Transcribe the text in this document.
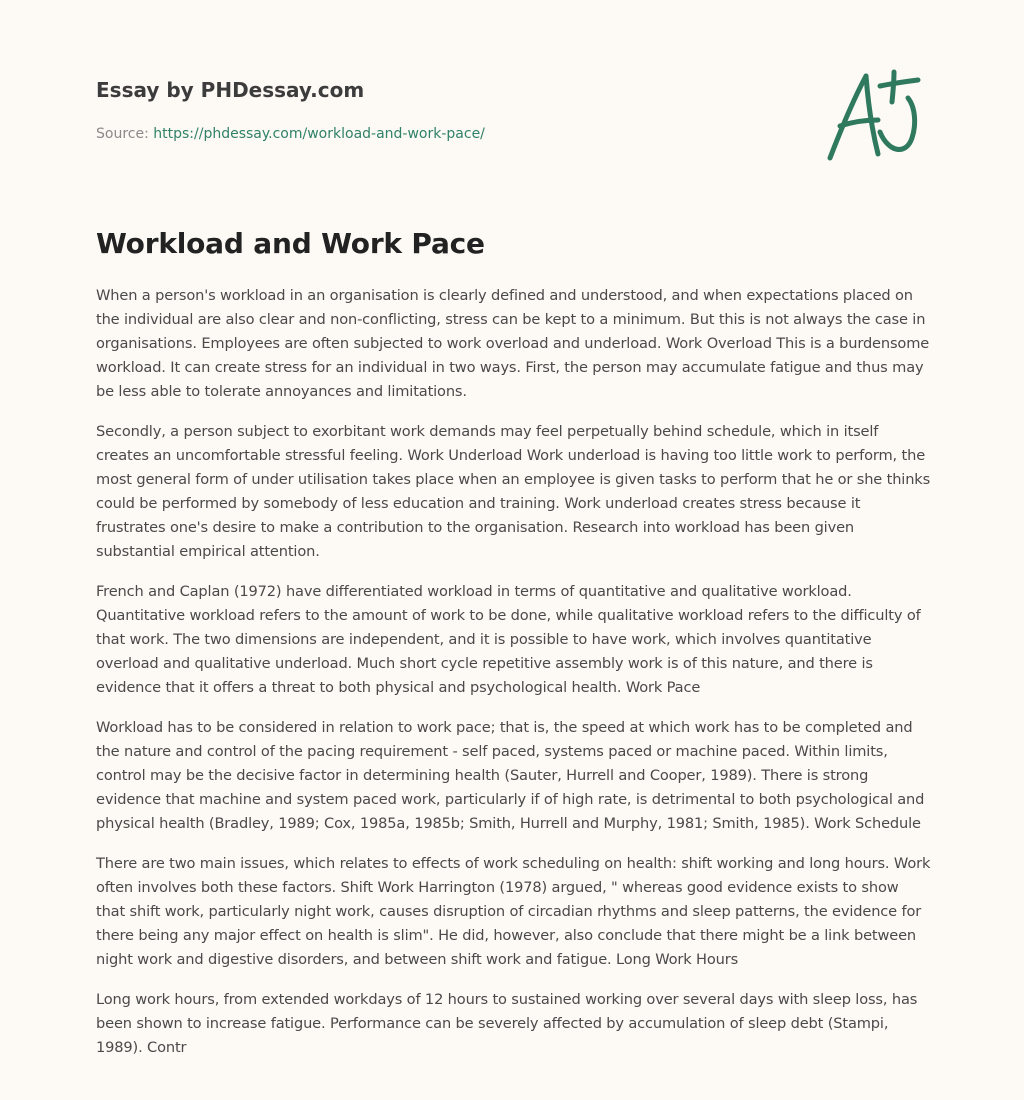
Essay by PHDessay.com
Source: https://phdessay.com/workload-and-work-pace/
Workload and Work Pace

When a person's workload in an organisation is clearly defined and understood, and when expectations placed on the individual are also clear and non-conflicting, stress can be kept to a minimum. But this is not always the case in organisations. Employees are often subjected to work overload and underload. Work Overload This is a burdensome workload. It can create stress for an individual in two ways. First, the person may accumulate fatigue and thus may be less able to tolerate annoyances and limitations.

Secondly, a person subject to exorbitant work demands may feel perpetually behind schedule, which in itself creates an uncomfortable stressful feeling. Work Underload Work underload is having too little work to perform, the most general form of under utilisation takes place when an employee is given tasks to perform that he or she thinks could be performed by somebody of less education and training. Work underload creates stress because it frustrates one's desire to make a contribution to the organisation. Research into workload has been given substantial empirical attention.

French and Caplan (1972) have differentiated workload in terms of quantitative and qualitative workload. Quantitative workload refers to the amount of work to be done, while qualitative workload refers to the difficulty of that work. The two dimensions are independent, and it is possible to have work, which involves quantitative overload and qualitative underload. Much short cycle repetitive assembly work is of this nature, and there is evidence that it offers a threat to both physical and psychological health. Work Pace

Workload has to be considered in relation to work pace; that is, the speed at which work has to be completed and the nature and control of the pacing requirement - self paced, systems paced or machine paced. Within limits, control may be the decisive factor in determining health (Sauter, Hurrell and Cooper, 1989). There is strong evidence that machine and system paced work, particularly if of high rate, is detrimental to both psychological and physical health (Bradley, 1989; Cox, 1985a, 1985b; Smith, Hurrell and Murphy, 1981; Smith, 1985). Work Schedule

There are two main issues, which relates to effects of work scheduling on health: shift working and long hours. Work often involves both these factors. Shift Work Harrington (1978) argued, " whereas good evidence exists to show that shift work, particularly night work, causes disruption of circadian rhythms and sleep patterns, the evidence for there being any major effect on health is slim". He did, however, also conclude that there might be a link between night work and digestive disorders, and between shift work and fatigue. Long Work Hours

Long work hours, from extended workdays of 12 hours to sustained working over several days with sleep loss, has been shown to increase fatigue. Performance can be severely affected by accumulation of sleep debt (Stampi, 1989). Contr
